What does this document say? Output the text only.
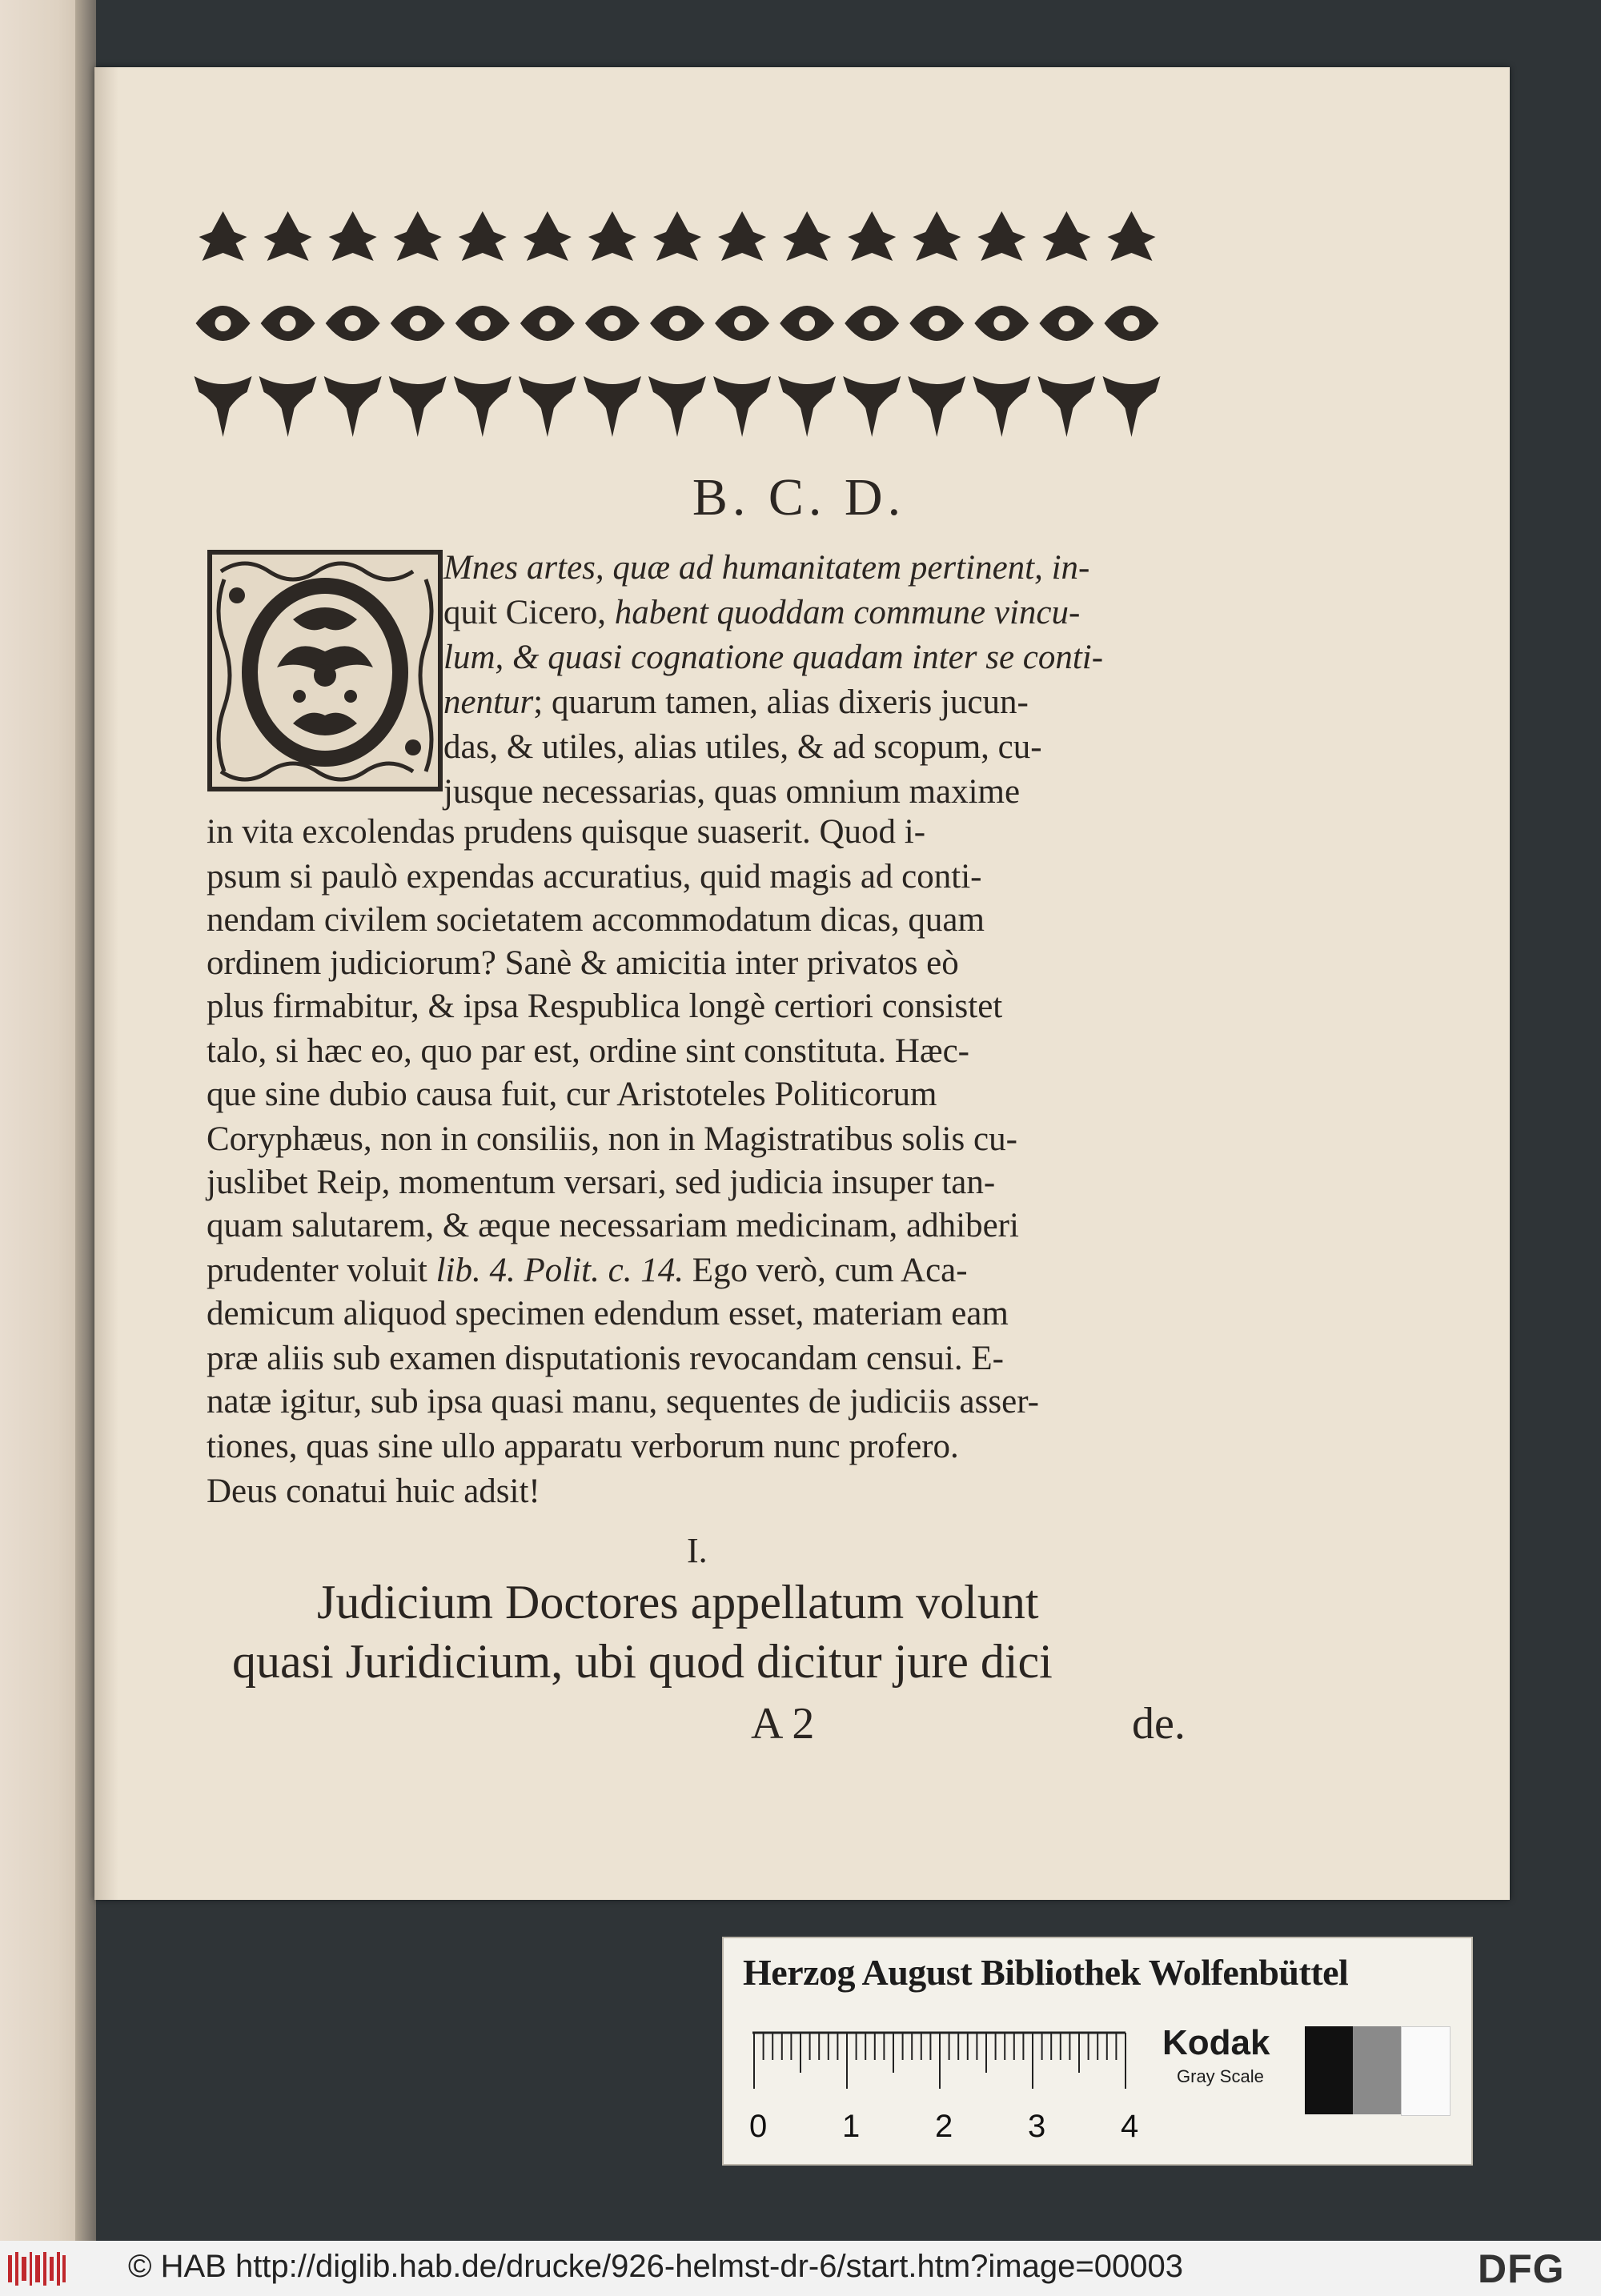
B. C. D.
Mnes artes, quæ ad humanitatem pertinent, in-
quit Cicero, habent quoddam commune vincu-
lum, & quasi cognatione quadam inter se conti-
nentur; quarum tamen, alias dixeris jucun-
das, & utiles, alias utiles, & ad scopum, cu-
jusque necessarias, quas omnium maxime
in vita excolendas prudens quisque suaserit. Quod i-
psum si paulò expendas accuratius, quid magis ad conti-
nendam civilem societatem accommodatum dicas, quam
ordinem judiciorum? Sanè & amicitia inter privatos eò
plus firmabitur, & ipsa Respublica longè certiori consistet
talo, si hæc eo, quo par est, ordine sint constituta. Hæc-
que sine dubio causa fuit, cur Aristoteles Politicorum
Coryphæus, non in consiliis, non in Magistratibus solis cu-
juslibet Reip, momentum versari, sed judicia insuper tan-
quam salutarem, & æque necessariam medicinam, adhiberi
prudenter voluit lib. 4. Polit. c. 14. Ego verò, cum Aca-
demicum aliquod specimen edendum esset, materiam eam
præ aliis sub examen disputationis revocandam censui. E-
natæ igitur, sub ipsa quasi manu, sequentes de judiciis asser-
tiones, quas sine ullo apparatu verborum nunc profero.
Deus conatui huic adsit!
I.
Judicium Doctores appellatum volunt
quasi Juridicium, ubi quod dicitur jure dici
A 2	de.
Herzog August Bibliothek Wolfenbüttel
0 1 2 3 4
Kodak
Gray Scale
© HAB http://diglib.hab.de/drucke/926-helmst-dr-6/start.htm?image=00003	DFG
